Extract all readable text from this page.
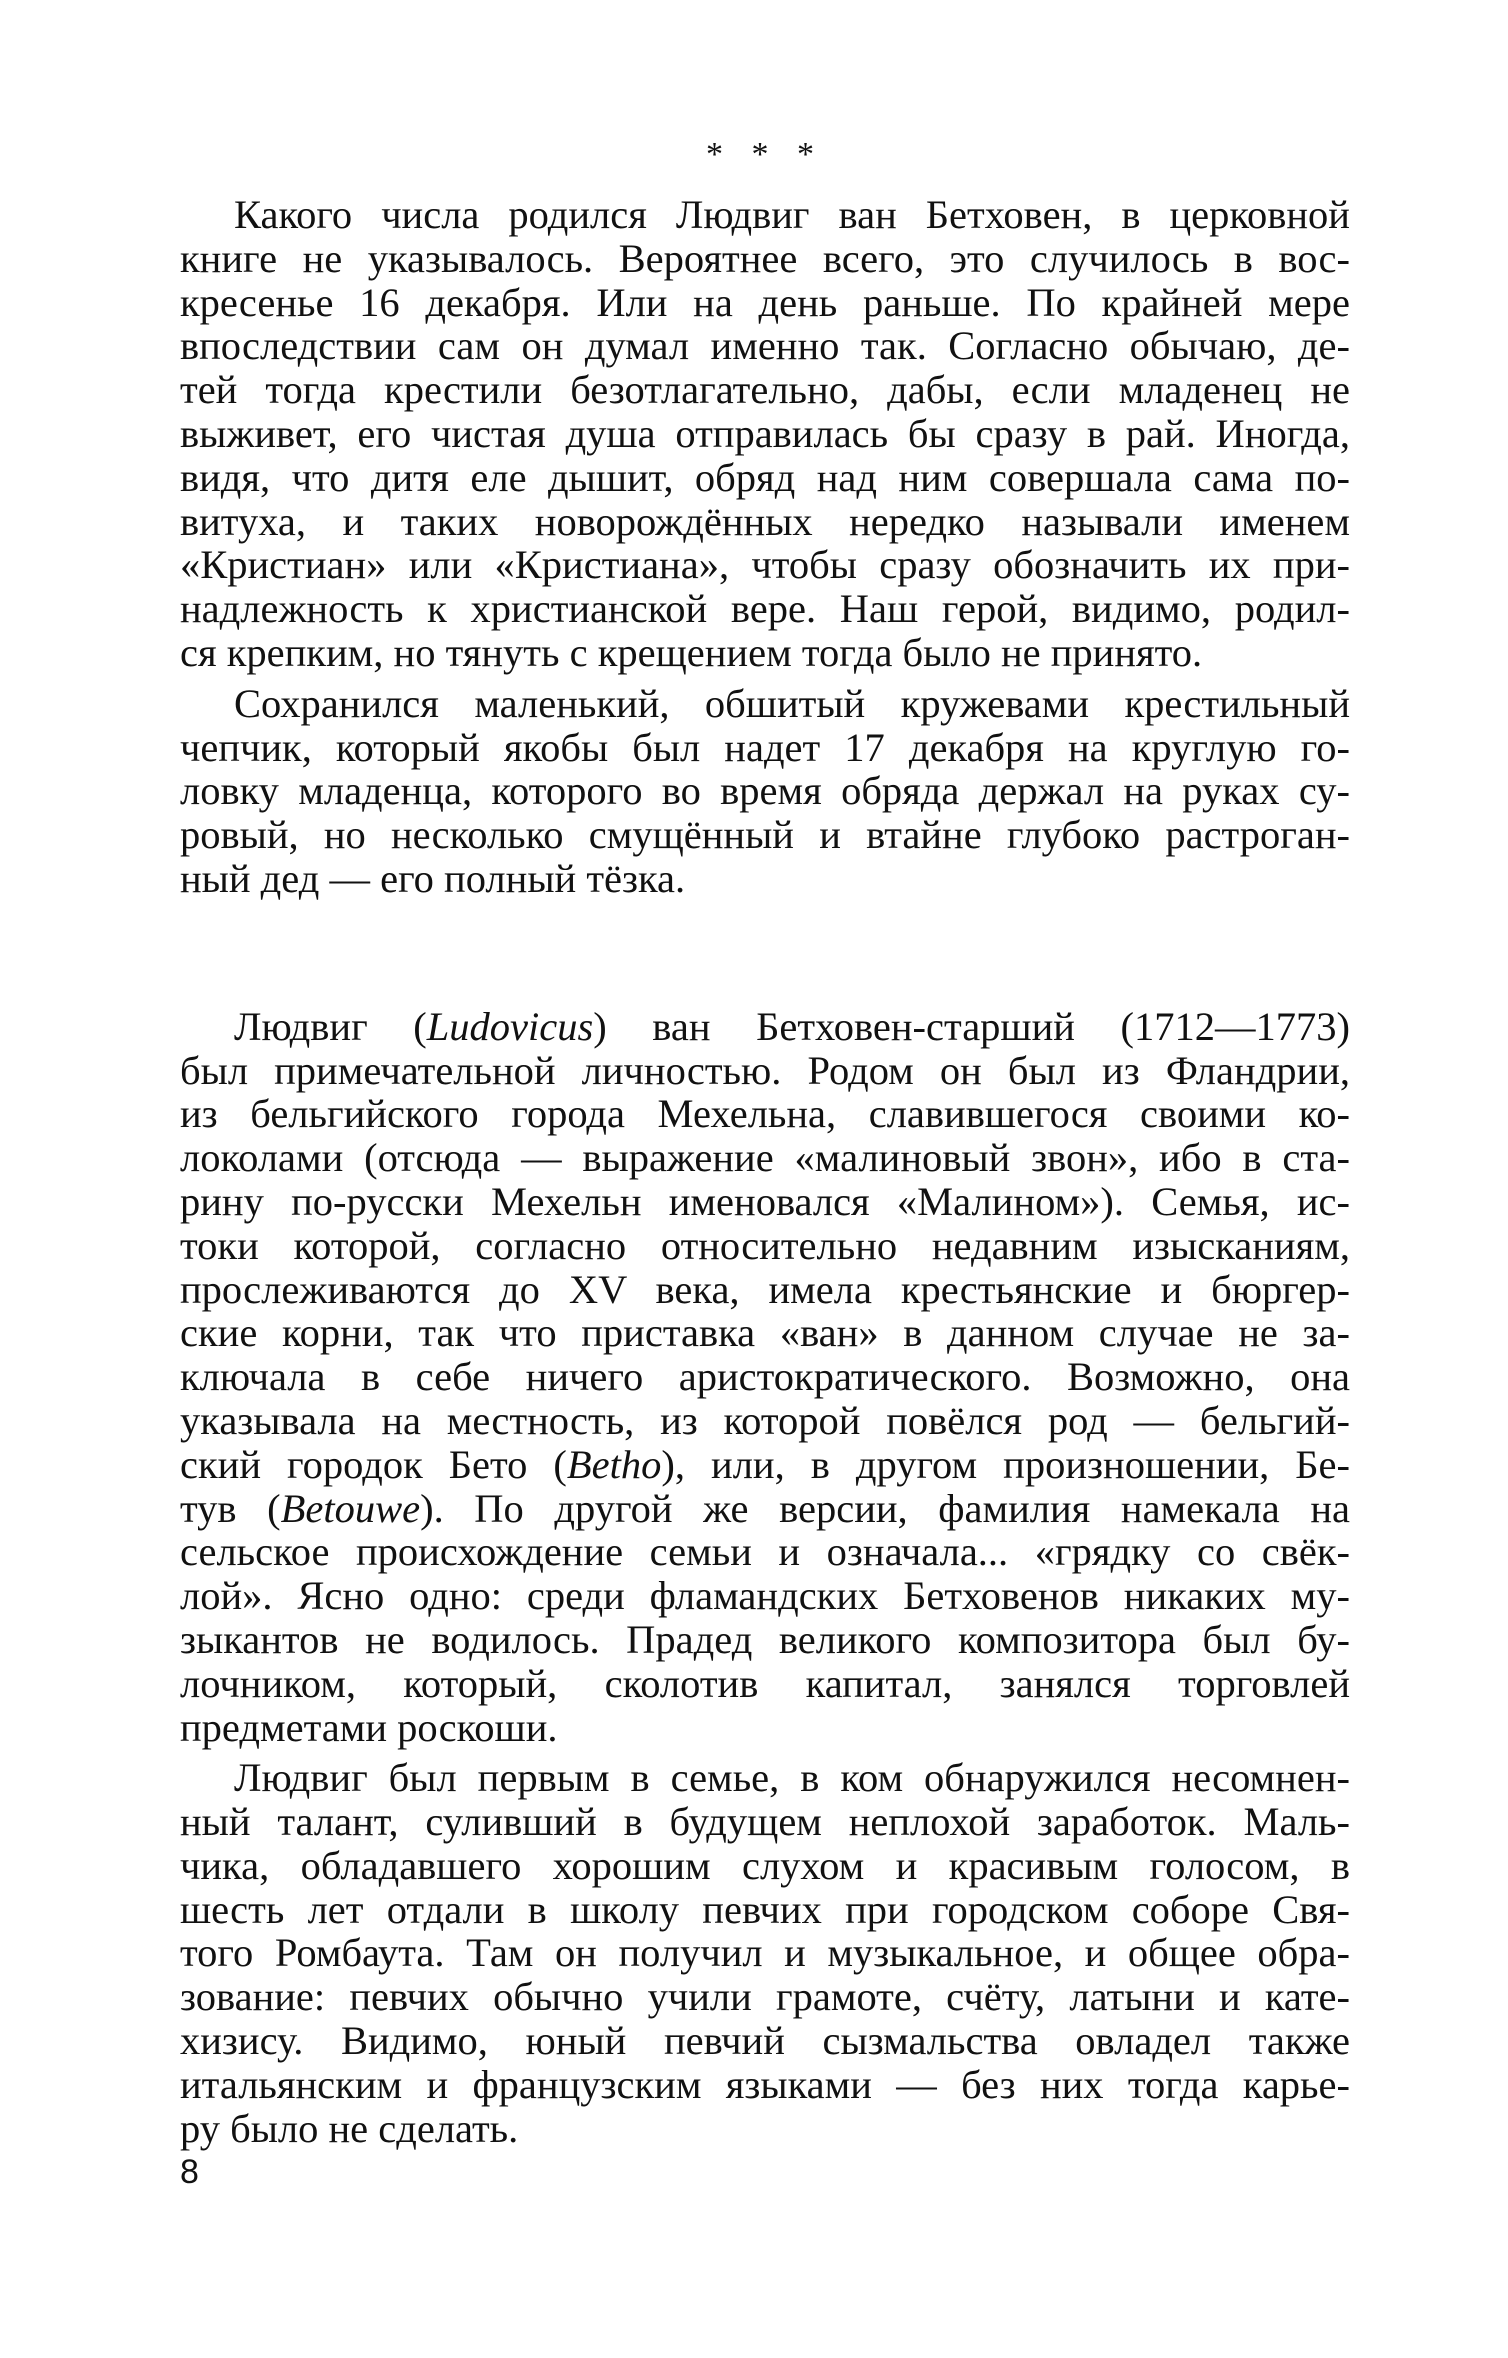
* * *
Какого числа родился Людвиг ван Бетховен, в церковной
книге не указывалось. Вероятнее всего, это случилось в вос-
кресенье 16 декабря. Или на день раньше. По крайней мере
впоследствии сам он думал именно так. Согласно обычаю, де-
тей тогда крестили безотлагательно, дабы, если младенец не
выживет, его чистая душа отправилась бы сразу в рай. Иногда,
видя, что дитя еле дышит, обряд над ним совершала сама по-
витуха, и таких новорождённых нередко называли именем
«Кристиан» или «Кристиана», чтобы сразу обозначить их при-
надлежность к христианской вере. Наш герой, видимо, родил-
ся крепким, но тянуть с крещением тогда было не принято.
Сохранился маленький, обшитый кружевами крестильный
чепчик, который якобы был надет 17 декабря на круглую го-
ловку младенца, которого во время обряда держал на руках су-
ровый, но несколько смущённый и втайне глубоко растроган-
ный дед — его полный тёзка.
Людвиг (Ludovicus) ван Бетховен-старший (1712—1773)
был примечательной личностью. Родом он был из Фландрии,
из бельгийского города Мехельна, славившегося своими ко-
локолами (отсюда — выражение «малиновый звон», ибо в ста-
рину по-русски Мехельн именовался «Малином»). Семья, ис-
токи которой, согласно относительно недавним изысканиям,
прослеживаются до XV века, имела крестьянские и бюргер-
ские корни, так что приставка «ван» в данном случае не за-
ключала в себе ничего аристократического. Возможно, она
указывала на местность, из которой повёлся род — бельгий-
ский городок Бето (Betho), или, в другом произношении, Бе-
тув (Betouwe). По другой же версии, фамилия намекала на
сельское происхождение семьи и означала... «грядку со свёк-
лой». Ясно одно: среди фламандских Бетховенов никаких му-
зыкантов не водилось. Прадед великого композитора был бу-
лочником, который, сколотив капитал, занялся торговлей
предметами роскоши.
Людвиг был первым в семье, в ком обнаружился несомнен-
ный талант, суливший в будущем неплохой заработок. Маль-
чика, обладавшего хорошим слухом и красивым голосом, в
шесть лет отдали в школу певчих при городском соборе Свя-
того Ромбаута. Там он получил и музыкальное, и общее обра-
зование: певчих обычно учили грамоте, счёту, латыни и кате-
хизису. Видимо, юный певчий сызмальства овладел также
итальянским и французским языками — без них тогда карье-
ру было не сделать.
8
